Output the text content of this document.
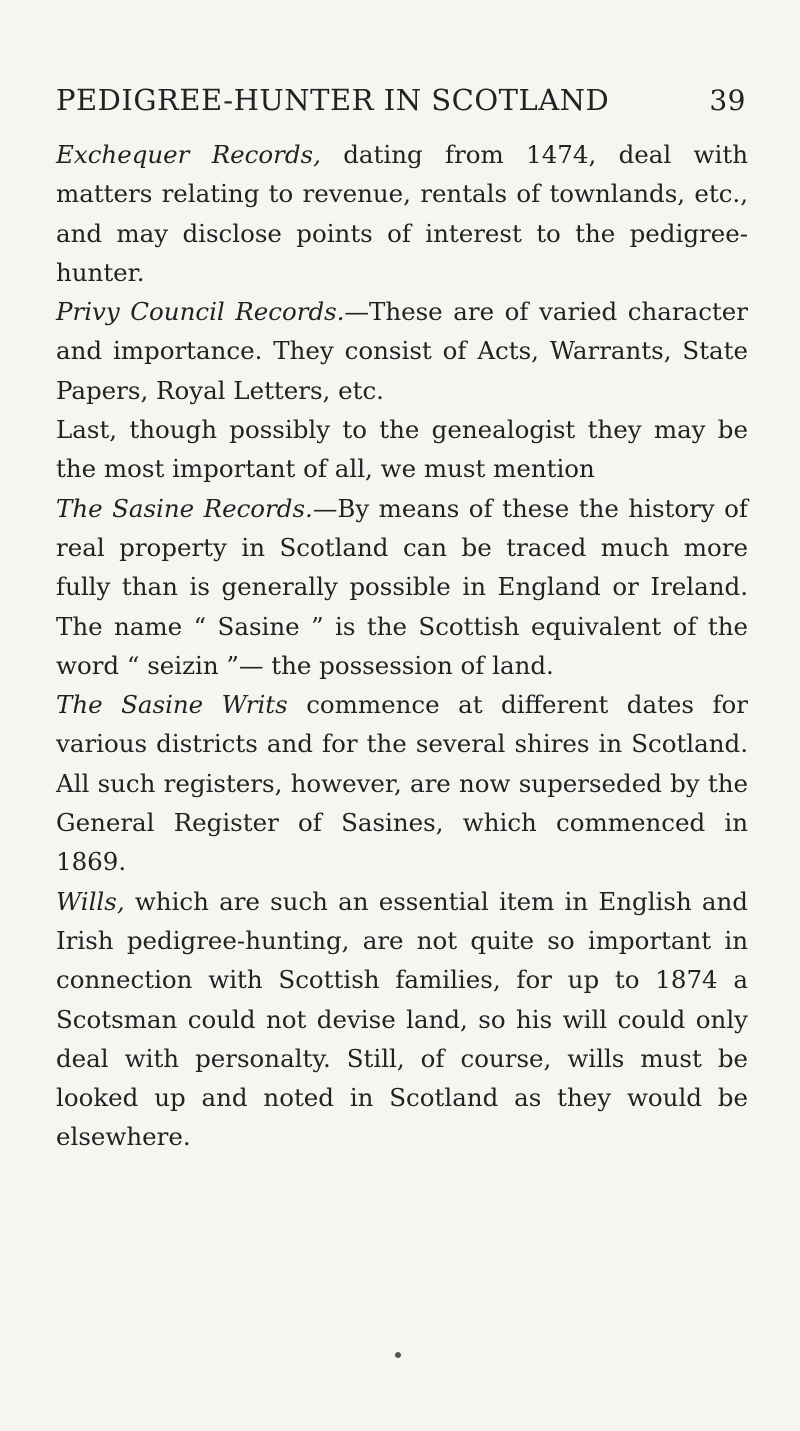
PEDIGREE-HUNTER IN SCOTLAND	39

Exchequer Records, dating from 1474, deal with matters relating to revenue, rentals of townlands, etc., and may disclose points of interest to the pedigree-hunter.

Privy Council Records.—These are of varied character and importance. They consist of Acts, Warrants, State Papers, Royal Letters, etc.

Last, though possibly to the genealogist they may be the most important of all, we must mention

The Sasine Records.—By means of these the history of real property in Scotland can be traced much more fully than is generally possible in England or Ireland. The name “ Sasine ” is the Scottish equivalent of the word “ seizin ”— the possession of land.

The Sasine Writs commence at different dates for various districts and for the several shires in Scotland. All such registers, however, are now superseded by the General Register of Sasines, which commenced in 1869.

Wills, which are such an essential item in English and Irish pedigree-hunting, are not quite so important in connection with Scottish families, for up to 1874 a Scotsman could not devise land, so his will could only deal with personalty. Still, of course, wills must be looked up and noted in Scotland as they would be elsewhere.
